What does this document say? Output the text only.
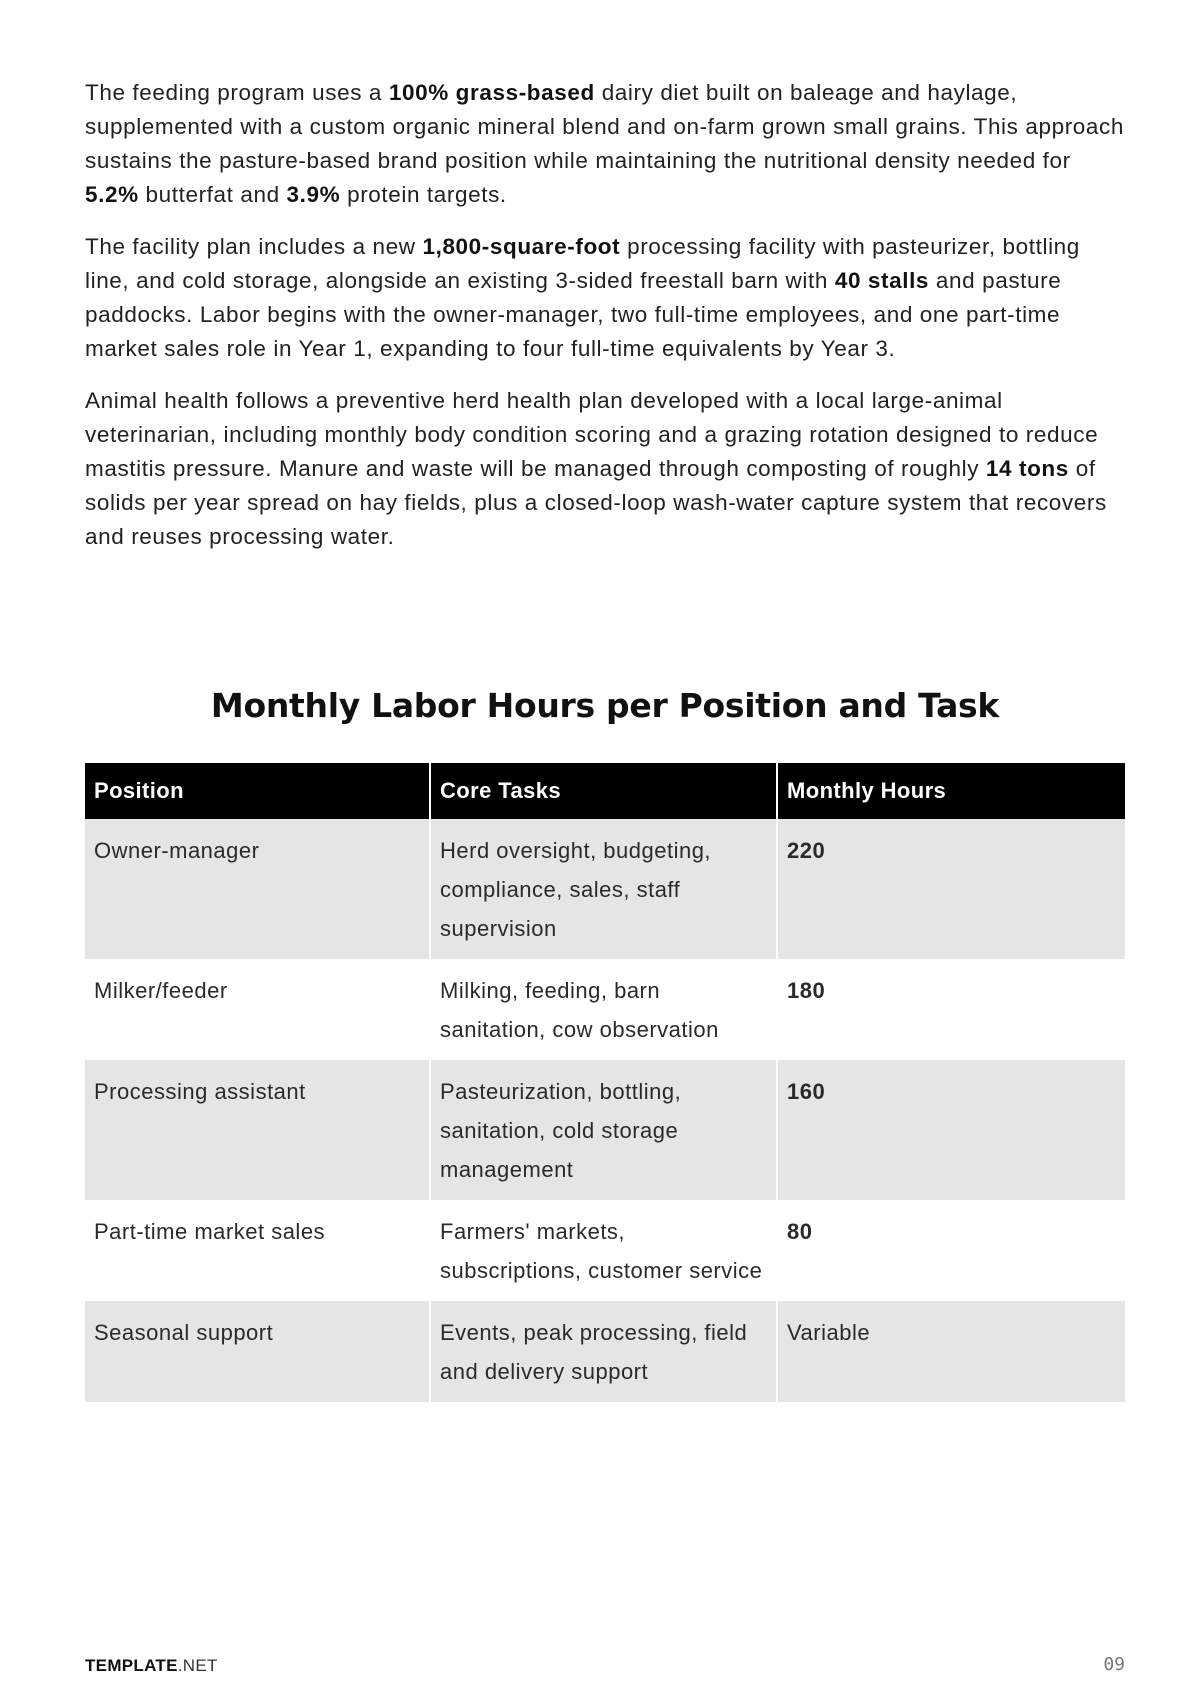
The feeding program uses a 100% grass-based dairy diet built on baleage and haylage, supplemented with a custom organic mineral blend and on-farm grown small grains. This approach sustains the pasture-based brand position while maintaining the nutritional density needed for 5.2% butterfat and 3.9% protein targets.

The facility plan includes a new 1,800-square-foot processing facility with pasteurizer, bottling line, and cold storage, alongside an existing 3-sided freestall barn with 40 stalls and pasture paddocks. Labor begins with the owner-manager, two full-time employees, and one part-time market sales role in Year 1, expanding to four full-time equivalents by Year 3.

Animal health follows a preventive herd health plan developed with a local large-animal veterinarian, including monthly body condition scoring and a grazing rotation designed to reduce mastitis pressure. Manure and waste will be managed through composting of roughly 14 tons of solids per year spread on hay fields, plus a closed-loop wash-water capture system that recovers and reuses processing water.

Monthly Labor Hours per Position and Task
Position	Core Tasks	Monthly Hours
Owner-manager	Herd oversight, budgeting, compliance, sales, staff supervision	220
Milker/feeder	Milking, feeding, barn sanitation, cow observation	180
Processing assistant	Pasteurization, bottling, sanitation, cold storage management	160
Part-time market sales	Farmers' markets, subscriptions, customer service	80
Seasonal support	Events, peak processing, field and delivery support	Variable
TEMPLATE.NET	09
